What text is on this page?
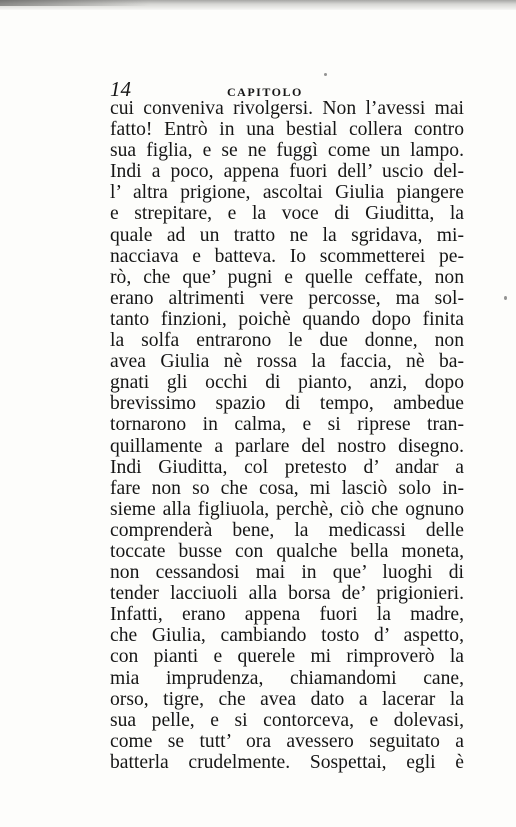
14	CAPITOLO
cui conveniva rivolgersi. Non l’avessi mai
fatto! Entrò in una bestial collera contro
sua figlia, e se ne fuggì come un lampo.
Indi a poco, appena fuori dell’ uscio del-
l’ altra prigione, ascoltai Giulia piangere
e strepitare, e la voce di Giuditta, la
quale ad un tratto ne la sgridava, mi-
nacciava e batteva. Io scommetterei pe-
rò, che que’ pugni e quelle ceffate, non
erano altrimenti vere percosse, ma sol-
tanto finzioni, poichè quando dopo finita
la solfa entrarono le due donne, non
avea Giulia nè rossa la faccia, nè ba-
gnati gli occhi di pianto, anzi, dopo
brevissimo spazio di tempo, ambedue
tornarono in calma, e si riprese tran-
quillamente a parlare del nostro disegno.
Indi Giuditta, col pretesto d’ andar a
fare non so che cosa, mi lasciò solo in-
sieme alla figliuola, perchè, ciò che ognuno
comprenderà bene, la medicassi delle
toccate busse con qualche bella moneta,
non cessandosi mai in que’ luoghi di
tender lacciuoli alla borsa de’ prigionieri.
Infatti, erano appena fuori la madre,
che Giulia, cambiando tosto d’ aspetto,
con pianti e querele mi rimproverò la
mia imprudenza, chiamandomi cane,
orso, tigre, che avea dato a lacerar la
sua pelle, e si contorceva, e dolevasi,
come se tutt’ ora avessero seguitato a
batterla crudelmente. Sospettai, egli è
